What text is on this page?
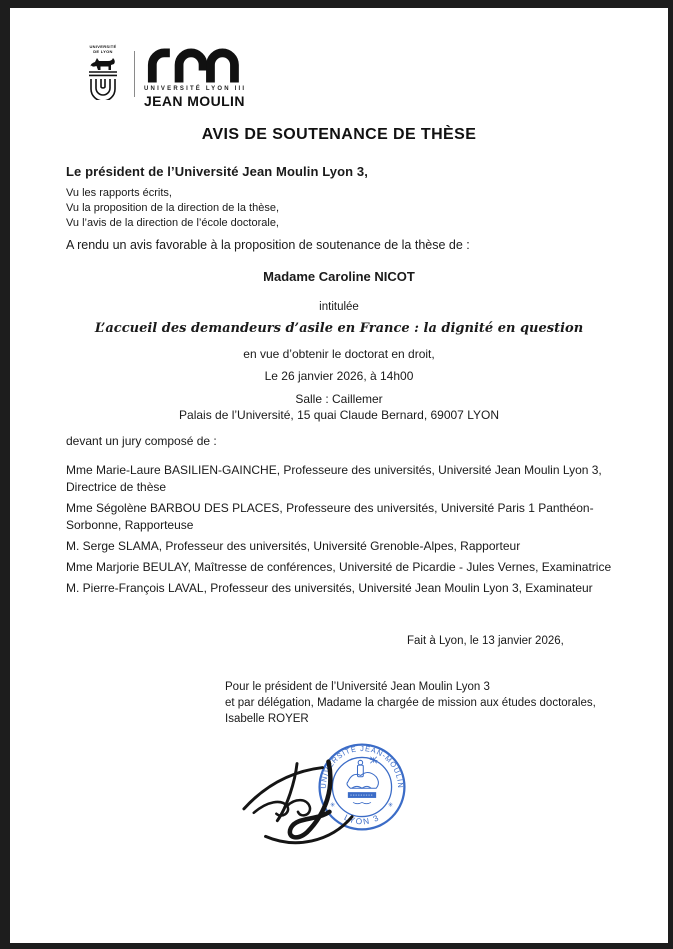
UNIVERSITÉ
DE LYON
UNIVERSITÉ LYON III
JEAN MOULIN
AVIS DE SOUTENANCE DE THÈSE
Le président de l’Université Jean Moulin Lyon 3,
Vu les rapports écrits,
Vu la proposition de la direction de la thèse,
Vu l’avis de la direction de l’école doctorale,
A rendu un avis favorable à la proposition de soutenance de la thèse de :
Madame Caroline NICOT
intitulée
L’accueil des demandeurs d’asile en France : la dignité en question
en vue d’obtenir le doctorat en droit,
Le 26 janvier 2026, à 14h00
Salle : Caillemer
Palais de l’Université, 15 quai Claude Bernard, 69007 LYON
devant un jury composé de :
Mme Marie-Laure BASILIEN-GAINCHE, Professeure des universités, Université Jean Moulin Lyon 3, Directrice de thèse
Mme Ségolène BARBOU DES PLACES, Professeure des universités, Université Paris 1 Panthéon-Sorbonne, Rapporteuse
M. Serge SLAMA, Professeur des universités, Université Grenoble-Alpes, Rapporteur
Mme Marjorie BEULAY, Maîtresse de conférences, Université de Picardie - Jules Vernes, Examinatrice
M. Pierre-François LAVAL, Professeur des universités, Université Jean Moulin Lyon 3, Examinateur
Fait à Lyon, le 13 janvier 2026,
Pour le président de l’Université Jean Moulin Lyon 3
et par délégation, Madame la chargée de mission aux études doctorales,
Isabelle ROYER
UNIVERSITÉ JEAN-MOULIN
LYON 3
✳	✳
